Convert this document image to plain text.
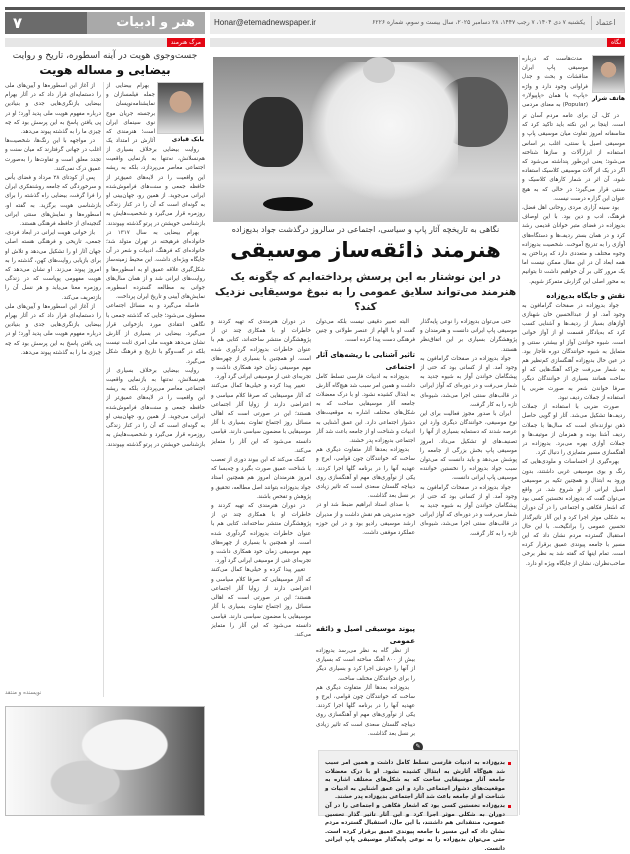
۷	هنر و ادبیات	Honar@etemadnewspaper.ir	یکشنبه ۷ دی ۱۴۰۴، ۷ رجب ۱۴۴۷، ۲۸ دسامبر ۲۰۲۵، سال بیست و سوم، شماره ۶۲۲۶	اعتماد
مرگ هنرمند	نگاه
جست‌وجوی هویت در آینه اسطوره، تاریخ و روایت
بیضایی و مساله هویت
بابک قبادی

بهرام بیضایی از جمله فیلمسازان و نمایشنامه‌نویسان برجسته جریان موج نوی سینمای ایران است؛ هنرمندی که آثارش در امتداد یک

روایت بیضایی برخلاف بسیاری از هم‌نسلانش، نه‌تنها به بازنمایی واقعیت اجتماعی معاصر می‌پردازد، بلکه به ریشه این واقعیت را در لایه‌های عمیق‌تر از حافظه جمعی و سنت‌های فراموش‌شده ایرانی می‌جوید. از همین رو، جهان‌بینی او به گونه‌ای است که آن را در کنار زندگی روزمره قرار می‌گیرد و شخصیت‌هایش به بازشناسی خویشتن در پرتو گذشته بپیوندند.

بهرام بیضایی به سال ۱۳۱۷ در خانواده‌ای فرهیخته در تهران متولد شد؛ خانواده‌ای که فرهنگ، ادبیات و شعر در آن جایگاه ویژه‌ای داشت. این محیط زمینه‌ساز شکل‌گیری علاقه عمیق او به اسطوره‌ها و روایت‌های ایرانی شد و از همان سال‌های جوانی به مطالعه گسترده اسطوره، نمایش‌های آیینی و تاریخ ایران پرداخت.

فاصله می‌گیرد و به مسائل اجتماعی معطوف می‌شود؛ جایی که گذشته جمعی با نگاهی انتقادی مورد بازخوانی قرار می‌گیرد. بیضایی در بسیاری از آثارش نشان می‌دهد هویت ملی امری ثابت نیست بلکه در گفت‌وگو با تاریخ و فرهنگ شکل می‌گیرد.

روایت بیضایی برخلاف بسیاری از هم‌نسلانش، نه‌تنها به بازنمایی واقعیت اجتماعی معاصر می‌پردازد، بلکه به ریشه این واقعیت را در لایه‌های عمیق‌تر از حافظه جمعی و سنت‌های فراموش‌شده ایرانی می‌جوید. از همین رو، جهان‌بینی او به گونه‌ای است که آن را در کنار زندگی روزمره قرار می‌گیرد و شخصیت‌هایش به بازشناسی خویشتن در پرتو گذشته بپیوندند.

از آغاز این اسطوره‌ها و آیین‌های ملی را دستمایه‌ای قرار داد که در آثار بهرام بیضایی بازنگری‌هایی جدی و بنیادین درباره مفهوم هویت ملی پدید آورد؛ او در پی یافتن پاسخ به این پرسش بود که چه چیزی ما را به گذشته پیوند می‌دهد.

در مواجهه با این رنگ‌ها، شخصیت‌ها اغلب در جهانی گرفتارند که میان سنت و تجدد معلق است و تفاوت‌ها را به‌صورت عمیق درک نمی‌کنند.

پس از کودتای ۲۸ مرداد و فضای یأس و سرخوردگی که جامعه روشنفکری ایران را فرا گرفت، بیضایی راه گذشته را برای بازشناسی هویت برگزید. به گفته او، اسطوره‌ها و نمایش‌های سنتی ایرانی گنجینه‌ای از حافظه فرهنگی هستند.

باز خوانی هویت ایرانی در ابعاد فردی، جمعی، تاریخی و فرهنگی هسته اصلی جهان آثار او را تشکیل می‌دهد و تلاش او برای بازیابی روایت‌های کهن، گذشته را به امروز پیوند می‌زند. او نشان می‌دهد که هویت مفهومی پویاست که در زندگی روزمره معنا می‌یابد و هر نسل آن را بازتعریف می‌کند.

از آغاز این اسطوره‌ها و آیین‌های ملی را دستمایه‌ای قرار داد که در آثار بهرام بیضایی بازنگری‌هایی جدی و بنیادین درباره مفهوم هویت ملی پدید آورد؛ او در پی یافتن پاسخ به این پرسش بود که چه چیزی ما را به گذشته پیوند می‌دهد.

نویسنده و منتقد
نگاهی به تاریخچه آثار پاپ و سیاسی، اجتماعی در سالروز درگذشت جواد بدیع‌زاده
هنرمند ذائقه‌ساز موسیقی
در این نوشتار به این پرسش پرداخته‌ایم که چگونه یک هنرمند می‌تواند سلایق عمومی را به نبوغ موسیقایی نزدیک کند؟

حتی می‌توان بدیع‌زاده را نوعی پایه‌گذار موسیقی پاپ ایرانی دانست و هنرمندان و پژوهشگران بسیاری بر این اتفاق‌نظر هستند.

جواد بدیع‌زاده در صفحات گرامافون به وجود آمد. او از کسانی بود که حتی از پیشگامان خواندن آواز به شیوه جدید به شمار می‌رفت و در دوره‌ای که آواز ایرانی در قالب‌های سنتی اجرا می‌شد، شیوه‌ای تازه را به کار گرفت.

ایران با صدور مجوز فعالیت برای این نوع موسیقی، خوانندگان دیگری وارد این عرصه شدند که دستمایه بسیاری از آنها را تصنیف‌های او تشکیل می‌داد. امروز موسیقی پاپ بخش بزرگی از جامعه را پوشش می‌دهد و باید دانست که می‌توان سبب جواد بدیع‌زاده را نخستین خواننده موسیقی پاپ ایرانی دانست.

جواد بدیع‌زاده در صفحات گرامافون به وجود آمد. او از کسانی بود که حتی از پیشگامان خواندن آواز به شیوه جدید به شمار می‌رفت و در دوره‌ای که آواز ایرانی در قالب‌های سنتی اجرا می‌شد، شیوه‌ای تازه را به کار گرفت.

البته تعبیر دقیقی نیست بلکه می‌توان گفت او با الهام از عنصر طولانی و چنین فرهنگی دست پیدا کرده است.

تاثیر آشنایی با ریشه‌های آثار اجتماعی

بدیع‌زاده به ادبیات فارسی تسلط کامل داشت و همین امر سبب شد هیچ‌گاه آثارش به ابتذال کشیده نشود. او با درک معضلات جامعه آثار موسیقایی ساخت که به شکل‌های مختلف اشاره به موقعیت‌های دشوار اجتماعی دارد. این عمق آشنایی به ادبیات و شناخت او از جامعه باعث شد آثار اجتماعی بدیع‌زاده پدر خشند.

بدیع‌زاده بعدها آثار متفاوت دیگری هم ساخت که خوانندگان چون قوامی، ایرج و عهدیه آنها را در برنامه گلها اجرا کردند. یکی از نوآوری‌های مهم او آهنگسازی روی دیباچه گلستان سعدی است که تاثیر زیادی بر نسل بعد گذاشت.

با صدای استاد ابراهیم ضبط شد او در حوزه مدیریتی هم نقش داشت و از مدیران ارشد موسیقی رادیو بود و در این حوزه عملکرد موفقی داشت.

پیوند موسیقی اصیل و ذائقه عمومی

از نظر گاه به نظر می‌رسد بدیع‌زاده بیش از ۸۰۰ آهنگ ساخته است که بسیاری از آنها را خودش اجرا کرد و بسیاری دیگر را برای خوانندگان مختلف ساخت.

بدیع‌زاده بعدها آثار متفاوت دیگری هم ساخت که خوانندگان چون قوامی، ایرج و عهدیه آنها را در برنامه گلها اجرا کردند. یکی از نوآوری‌های مهم او آهنگسازی روی دیباچه گلستان سعدی است که تاثیر زیادی بر نسل بعد گذاشت.

در دوران هنرمندی که تهیه کردند و خاطرات او با همکاری چند تن از پژوهشگران منتشر ساخته‌اند، کتابی هم با عنوان خاطرات بدیع‌زاده گردآوری شده است. او همچنین با بسیاری از چهره‌های مهم موسیقی زمان خود همکاری داشت و تجربه‌ای غنی از موسیقی ایرانی گرد آورد.

تغییر پیدا کرده و خیلی‌ها کمال می‌کنند که آثار موسیقایی که صرفا کلام سیاسی و اعتراضی دارند از زوایا آثار اجتماعی هستند؛ این در صورتی است که اهالی مسائل روز اجتماع تفاوت بسیاری با آثار موسیقایی با مضمون سیاسی دارند. قیاسی دانسته می‌شود که این آثار را متمایز می‌کند.

کمک می‌کند که این بیوند دوری از تعصب یا شناخت عمیق صورت بگیرد و چه‌بسا که امروز هنرمندان امروز هم همچنین استاد جواد بدیع‌زاده بتوانند اصل مطالعه، تحقیق و پژوهش و تفحص باشند.

در دوران هنرمندی که تهیه کردند و خاطرات او با همکاری چند تن از پژوهشگران منتشر ساخته‌اند، کتابی هم با عنوان خاطرات بدیع‌زاده گردآوری شده است. او همچنین با بسیاری از چهره‌های مهم موسیقی زمان خود همکاری داشت و تجربه‌ای غنی از موسیقی ایرانی گرد آورد.

تغییر پیدا کرده و خیلی‌ها کمال می‌کنند که آثار موسیقایی که صرفا کلام سیاسی و اعتراضی دارند از زوایا آثار اجتماعی هستند؛ این در صورتی است که اهالی مسائل روز اجتماع تفاوت بسیاری با آثار موسیقایی با مضمون سیاسی دارند. قیاسی دانسته می‌شود که این آثار را متمایز می‌کند.

✎
بدیع‌زاده به ادبیات فارسی تسلط کامل داشت و همین امر سبب شد هیچ‌گاه آثارش به ابتذال کشیده نشود. او با درک معضلات جامعه آثار موسیقایی ساخت که به شکل‌های مختلف اشاره به موقعیت‌های دشوار اجتماعی دارد و این عمق آشنایی به ادبیات و شناخت او از جامعه باعث شد آثار اجتماعی بدیع‌زاده پدر خشند.
بدیع‌زاده نخستین کسی بود که اشعار فکاهی و اجتماعی را در آن دوران به شکلی موثر اجرا کرد و این آثار تاثیر گذار تحسین عمومی، منتقدانی هم داشتند، با این حال، استقبال گسترده مردم نشان داد که این مسیر با جامعه پیوندی عمیق برقرار کرده است. حتی می‌توان بدیع‌زاده را به نوعی پایه‌گذار موسیقی پاپ ایرانی دانست.
هاتف شرار

مدت‌هاست که درباره موسیقی پاپ ایران مناقشات و بحث و جدل فراوانی وجود دارد و واژه «پاپ» یا همان «پاپیولار» (Popular) به معنای مردمی

در کل، آن برای عامه مردم آسان تر است. اینجا بر این نکته باید تاکید کرد که متاسفانه امروز تفاوت میان موسیقی پاپ و موسیقی اصیل یا سنتی، اغلب بر اساس استفاده از ابزارآلات و سازها شناخته می‌شود؛ یعنی این‌طور پنداشته می‌شود که اگر در یک اثر آلات موسیقی کلاسیک استفاده شود، آن اثر در شمار کارهای کلاسیک و سنتی قرار می‌گیرد؛ در حالی که به هیچ عنوان این گزاره درست نیست.

بود سینه آزاری مردی روحانی اهل فضل، فرهنگ، ادب و دین بود. با این اوصاف بدیع‌زاده در فضای متبر خوانان قدیمی رشد کرد و در همان بستر ردیف‌ها و دستگاه‌های آوازی را به تدریج آموخت. شخصیت بدیع‌زاده وجوه مختلف و متعددی دارد که پرداختن به همه ابعاد آن در این مقال ممکن نیست اما یک مرور کلی بر آن خواهیم داشت تا بتوانیم به محور اصلی این گزارش متمرکز شویم.

نقش و جایگاه بدیع‌زاده

جواد بدیع‌زاده در صفحات گرامافون به وجود آمد. او از عبدالحسین خان شهنازی آوازهای بسیار از ردیف‌ها و آشنایی کسب کرد که به‌یادگار قسمت او از آواز خوانی است. شیوه خواندن آواز او بیشتر، سنتی و متمایل به شیوه خوانندگان دوره قاجار بود. در عین حال بدیع‌زاده آهنگسازی کم‌نظیر هم به شمار می‌رفت چراکه آهنگ‌هایی که او ساخت همانند بسیاری از خوانندگان دیگر، صرفا خواندن شعر به صورت ضربی یا استفاده از جملات ردیف نبود.

صورت ضربی با استفاده از جملات ردیف‌ها تشکیل می‌شد. آثار او گویی حاصل ذهن نوازنده‌ای است که سال‌ها با جملات ردیف آشنا بوده و همزمان از موتیف‌ها و جملات آوازی بهره می‌برد. بدیع‌زاده در آهنگسازی مسیر متمایزی را دنبال کرد.

بهره‌گیری از احساسات و ملودی‌هایی که رنگ و بوی موسیقی غربی داشتند، بدون ورود به ابتذال و همچنین تکیه بر موسیقی اصیل ایرانی از او شروع شد. در واقع می‌توان گفت که بدیع‌زاده نخستین کسی بود که اشعار فکاهی و اجتماعی را در آن دوران به شکلی موثر اجرا کرد و این آثار تاثیرگذار تحسین عمومی را برانگیخت. با این حال استقبال گسترده مردم نشان داد که این مسیر با جامعه پیوندی عمیق برقرار کرده است. تمام اینها که گفته شد به نظر برخی صاحب‌نظران، نشان از جایگاه ویژه او دارد.
